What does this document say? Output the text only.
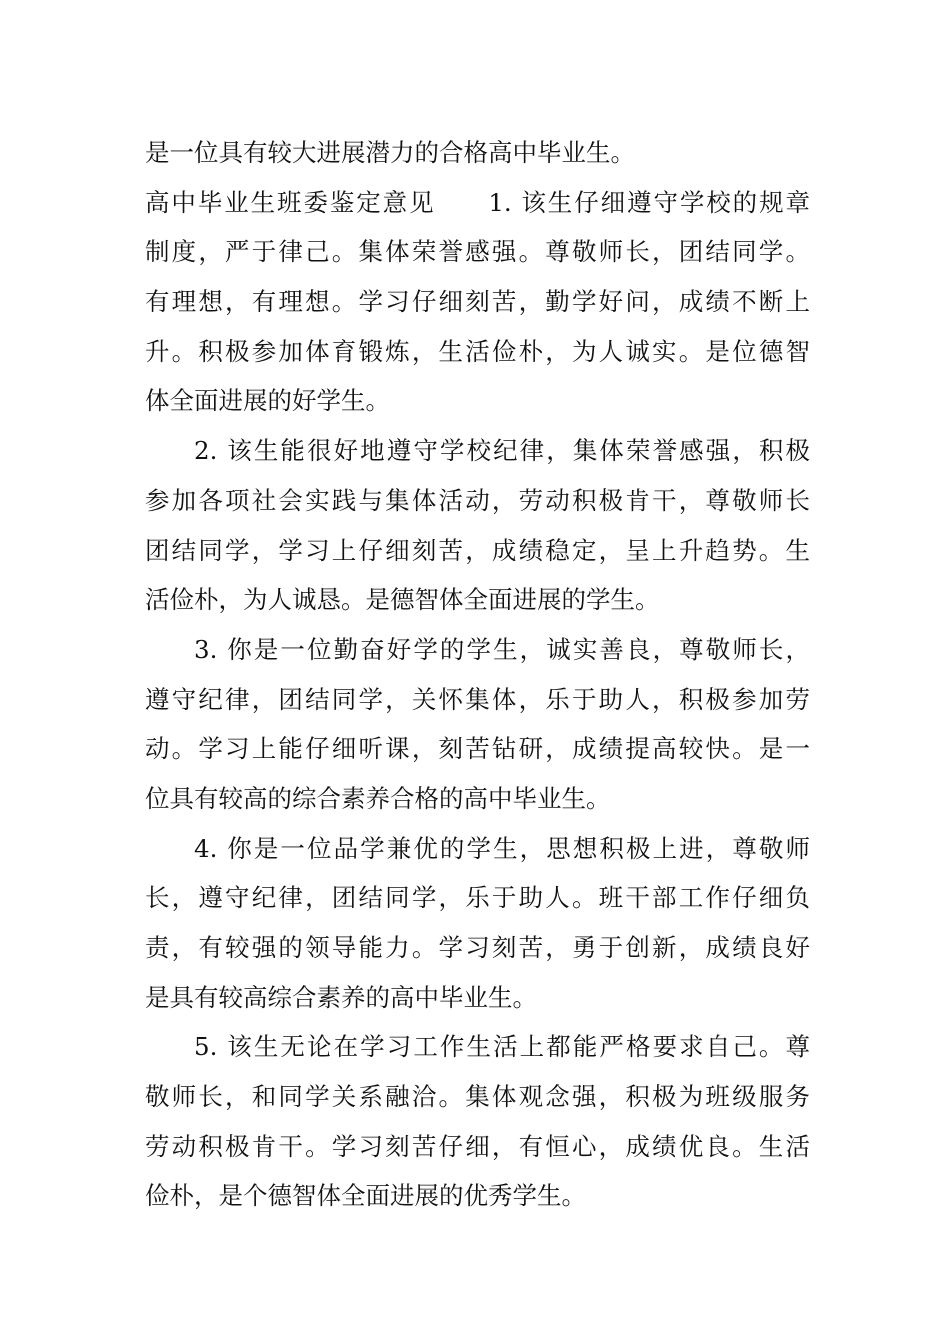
是一位具有较大进展潜力的合格高中毕业生。
高中毕业生班委鉴定意见　　1. 该生仔细遵守学校的规章
制度，严于律己。集体荣誉感强。尊敬师长，团结同学。
有理想，有理想。学习仔细刻苦，勤学好问，成绩不断上
升。积极参加体育锻炼，生活俭朴，为人诚实。是位德智
体全面进展的好学生。
2. 该生能很好地遵守学校纪律，集体荣誉感强，积极
参加各项社会实践与集体活动，劳动积极肯干，尊敬师长
团结同学，学习上仔细刻苦，成绩稳定，呈上升趋势。生
活俭朴，为人诚恳。是德智体全面进展的学生。
3. 你是一位勤奋好学的学生，诚实善良，尊敬师长，
遵守纪律，团结同学，关怀集体，乐于助人，积极参加劳
动。学习上能仔细听课，刻苦钻研，成绩提高较快。是一
位具有较高的综合素养合格的高中毕业生。
4. 你是一位品学兼优的学生，思想积极上进，尊敬师
长，遵守纪律，团结同学，乐于助人。班干部工作仔细负
责，有较强的领导能力。学习刻苦，勇于创新，成绩良好
是具有较高综合素养的高中毕业生。
5. 该生无论在学习工作生活上都能严格要求自己。尊
敬师长，和同学关系融洽。集体观念强，积极为班级服务
劳动积极肯干。学习刻苦仔细，有恒心，成绩优良。生活
俭朴，是个德智体全面进展的优秀学生。
